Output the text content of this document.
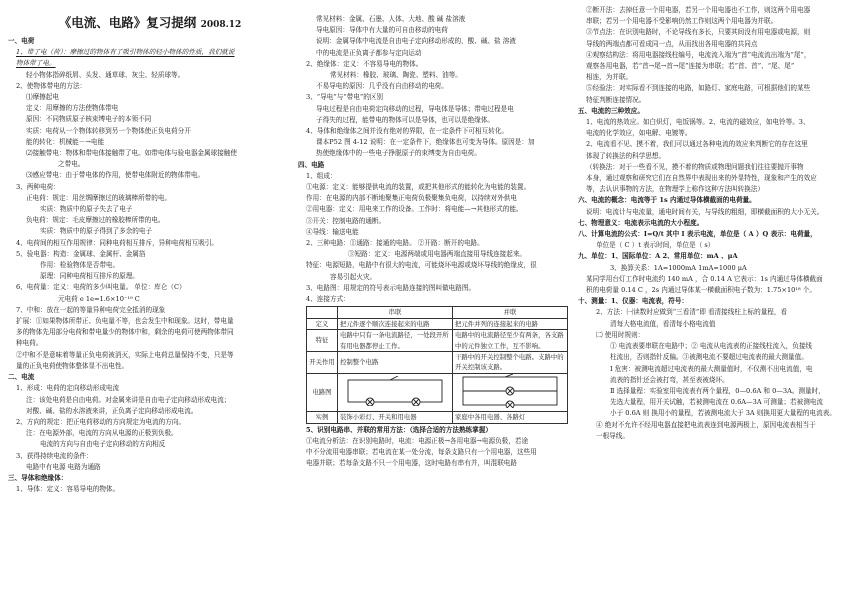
《电流、电路》复习提纲 2008.12
一、电荷
1、带了电（荷）：摩擦过的物体有了吸引物体的轻小物体的性质，我们就说
物体带了电。
轻小物体指碎纸屑、头发、通草球、灰尘、轻质球等。
2、使物体带电的方法：
⑴摩擦起电
定义：用摩擦的方法使物体带电
原因：不同物质原子核束缚电子的本领不同
实质：电荷从一个物体转移到另一个物体使正负电荷分开
能的转化：机械能－→电能
⑵接触带电：物体和带电体接触带了电。如带电体与验电器金属球接触使
之带电。
⑶感应带电：由于带电体的作用，使带电体附近的物体带电。
3、两种电荷：
正电荷：规定：用丝绸摩擦过的玻璃棒所带的电。
实质：物质中的原子失去了电子
负电荷：规定：毛皮摩擦过的橡胶棒所带的电。
实质：物质中的原子得到了多余的电子
4、电荷间的相互作用规律：同种电荷相互排斥，异种电荷相互吸引。
5、验电器：构造：金属球、金属杆、金属箔
作用：检验物体是否带电。
原理：同种电荷相互排斥的原理。
6、电荷量：定义：电荷的多少叫电量。 单位：库仑（C）
元电荷 e 1e=1.6×10⁻¹⁹ C
7、中和：放在一起的等量异种电荷完全抵消的现象
扩展：①如果物体所带正、负电量不等，也会发生中和现象。这时，带电量
多的物体先用部分电荷和带电量少的物体中和，剩余的电荷可使两物体带同
种电荷。
②中和不是意味着等量正负电荷被消灭，实际上电荷总量保持不变，只是等
量的正负电荷使物体整体显不出电性。
二、电流
1、形成：电荷的定向移动形成电流
注：该处电荷是自由电荷。对金属来讲是自由电子定向移动形成电流；
对酸、碱、盐的水溶液来讲，正负离子定向移动形成电流。
2、方向的规定：把正电荷移动的方向规定为电流的方向。
注：在电源外部，电流的方向从电源的正极到负极。
电流的方向与自由电子定向移动的方向相反
3、获得持续电流的条件：
电路中有电源 电路为通路
三、导体和绝缘体：
1、导体：定义：容易导电的物体。
常见材料：金属、石墨、人体、大地、酸 碱 盐溶液
导电原因：导体中有大量的可自由移动的电荷
说明：金属导体中电流是自由电子定向移动形成的，酸、碱、盐 溶液
中的电流是正负离子都参与定向运动
2、绝缘体：定义：不容易导电的物体。
常见材料：橡胶、玻璃、陶瓷、塑料、油等。
不易导电的原因：几乎没有自由移动的电荷。
3、“导电”与“带电”的区别
导电过程是自由电荷定向移动的过程，导电体是导体；带电过程是电
子得失的过程，能带电的物体可以是导体，也可以是绝缘体。
4、导体和绝缘体之间并没有绝对的界限，在一定条件下可相互转化。
课本P52 图 4-12 说明：在一定条件下，绝缘体也可变为导体。原因是：加
热使绝缘体中的一些电子挣脱原子的束缚变为自由电荷。
四、电路
1、组成：
①电源：定义：能够提供电流的装置，或把其他形式的能转化为电能的装置。
作用：在电源的内部不断地聚集正电荷负极聚集负电荷，以持续对外供电
②用电器：定义：用电来工作的设备。工作时：将电能—→其他形式的能。
③开关：控制电路的通断。
④导线：输送电能
2、三种电路：①通路：接通的电路。 ②开路：断开的电路。
③短路：定义：电源两端或用电器两端直接用导线连接起来。
特征：电源短路，电路中有很大的电流，可能烧坏电源或烧坏导线的绝缘皮，很
容易引起火灾。
3、电路图：用规定的符号表示电路连接的图叫做电路图。
4、连接方式：
	串联	并联
定义	把元件逐个顺次连接起来的电路	把元件并列的连接起来的电路
特征	电路中只有一条电流路径，一处段开所有用电器都停止工作。	电路中的电流路径至少有两条，各支路中的元件独立工作，互不影响。
开关作用	控制整个电路	干路中的开关控制整个电路。支路中的开关控制该支路。
电路图		
实例	装饰小彩灯、开关和用电器	家庭中各用电器、各路灯
5、识别电路串、并联的常用方法：（选择合适的方法熟练掌握）
①电流分析法：在识别电路时，电流：电源正极→各用电器→电源负极，若途
中不分流用电器串联；若电流在某一处分流，每条支路只有一个用电器，这些用
电器并联；若每条支路不只一个用电器，这时电路有串有并，叫混联电路
②断开法：去掉任意一个用电器，若另一个用电器也不工作，则这两个用电器
串联；若另一个用电器不受影响仍然工作则这两个用电器为并联。
③节点法：在识别电路时，不论导线有多长，只要其间没有用电器或电源，则
导线的两端点都可看成同一点，从而找出各用电器的共同点
④观察结构法：将用电器接线柱编号，电流流入端为“首”电流流出端为“尾”，
观察各用电器，若“首→尾→首→尾”连接为串联；若“首、首”、“尾、尾”
相连，为并联。
⑤经验法：对实际看不到连接的电路，如路灯、家庭电路，可根据他们的某些
特征判断连接情况。
五、电流的三种效应。
1、电流的热效应。如白炽灯，电饭锅等。2、电流的磁效应，如电铃等。3、
电流的化学效应，如电解、电镀等。
2、电流看不见、摸不着，我们可以通过各种电流的效应来判断它的存在这里
体现了转换法的科学思想。
（转换法：对于一些看不见，摸不着的物质或物理问题我们往往要抛开事物
本身，通过观察和研究它们在自然界中表现出来的外显特性，现象和产生的效应
等，去认识事物的方法，在物理学上称作这种方法叫转换法）
六、电流的概念：电流等于 1s 内通过导体横截面的电荷量。
说明：电流计与电流量，通电时间有关，与导线的粗细，即横截面积的大小无关。
七、物理意义：电流表示电流的大小程度。
八、计算电流的公式：I=Q/t 其中 I 表示电流，单位是（ A ）Q 表示：电荷量，
单位是（ C ）t 表示时间，单位是（ s）
九、单位：1、国际单位：A 2、常用单位：mA 、μA
3、换算关系：1A=1000mA 1mA=1000 μA
某同学用台灯工作时电流约 140 mA ，合 0.14 A 它表示：1s 内通过导体横截面
积的电荷量 0.14 C ，2s 内通过导体某一横截面积电子数为：1.75×10¹⁸ 个。
十、测量：1、仪器：电流表，符号：
2、方法：㈠读数时应做到“三看清”即 看清接线柱上标的量程，看
清每大格电流值，看清每小格电流值
㈡ 使用时规则：
① 电流表要串联在电路中；② 电流从电流表的正接线柱流入，负接线
柱流出，否则指针反偏。③被测电流不要超过电流表的最大测量值。
Ⅰ 危害：被测电流超过电流表的最大测量值时，不仅测不出电流值，电
流表的指针还会被打弯，甚至表被烧坏。
Ⅱ 选择量程：实验室用电流表有两个量程，0—0.6A 和 0—3A。测量时，
先选大量程，用开关试触，若被测电流在 0.6A—3A 可测量；若被测电流
小于 0.6A 则 换用小的量程，若被测电流大于 3A 则换用更大量程的电流表。
④ 绝对不允许不经用电器直接把电流表连到电源两极上，原因电流表相当于
一根导线。
